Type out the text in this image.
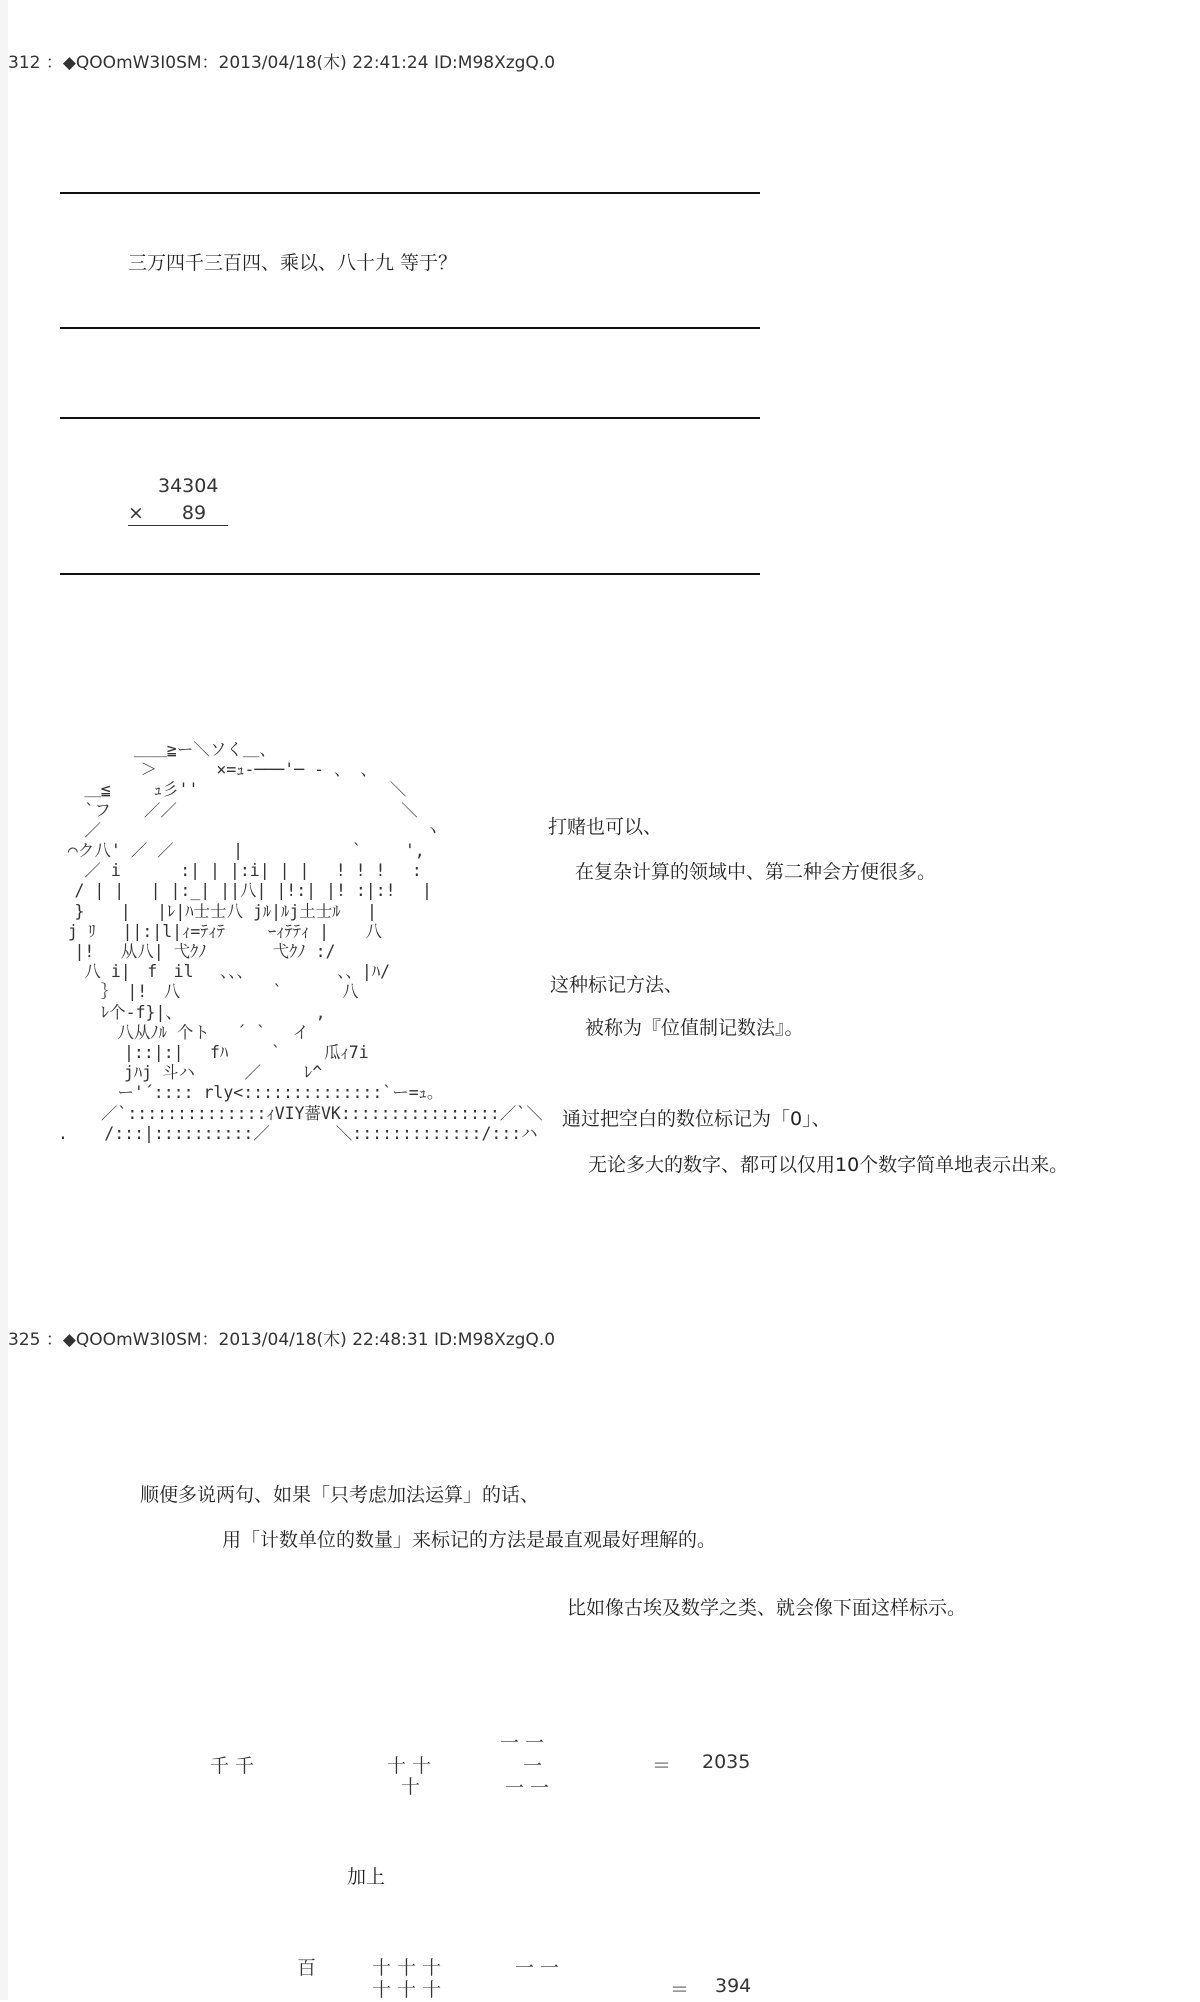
312 ：◆QOOmW3I0SM：2013/04/18(木) 22:41:24 ID:M98XzgQ.0
三万四千三百四、乘以、八十九 等于？
34304
×　　89
　　　　 ＿＿≧ー＼ソく＿、
　　　　　＞　　　 ×=ｭ-───'─ - 、 、
　 ＿≦　　 ｭ彡''　　　　　　　　　　　 ＼
　 `フ　　／／　　　　　　　　　　　　　 ＼
　 ／　　　　　　　　　　　　　　　　　　　 ヽ
⌒ク八' ／ ／　　　 |　　　　　　 `　　 ',
　 ／ i　　　 :| | |:i| | |　 ! ! !　 :
　/ | |　 | |:_| ||八| |!:| |! :|:!　 |
　} 　 | 　|ﾚ|ﾊ士士八 jﾙ|ﾙj土士ﾙ　 |
j ﾘ　 ||:|l|ｨ=ﾃｨﾃ　　 ｰｨﾃﾃｨ | 　 八
　|!　 从八| 弋ｸﾉ　　　　弋ｸﾉ :/
　 八 i|　f　il　 、、、　　　　　 、、|ﾊ/
　　 ｝ |!　八　　　　　 `　　　 八
　　 ﾚ个-f}|、　　　　　　　　 ,
　　　 八从ﾉﾙ 个ト　 ´ ` 　イ
　　　　|::|:|　 fﾊ　　 ` 　　瓜ｨ7i
　　　　jﾊj 斗ハ　　　／　　 ﾚ^
　　　 ー'´:::: rly<::::::::::::::`ー=ｭ。
　　 ／`::::::::::::::ｨVIY薔VK::::::::::::::::／`＼
. 　 /:::|::::::::::／　　　　＼:::::::::::::/:::ハ
打赌也可以、
在复杂计算的领域中、第二种会方便很多。
这种标记方法、
被称为『位值制记数法』。
通过把空白的数位标记为「0」、
无论多大的数字、都可以仅用10个数字简单地表示出来。
325 ：◆QOOmW3I0SM：2013/04/18(木) 22:48:31 ID:M98XzgQ.0
顺便多说两句、如果「只考虑加法运算」的话、
用「计数单位的数量」来标记的方法是最直观最好理解的。
比如像古埃及数学之类、就会像下面这样标示。
千 千	十 十
十
一 一
一
一 一
＝ 2035
加上
百	十 十 十
十 十 十
一 一
＝ 394
